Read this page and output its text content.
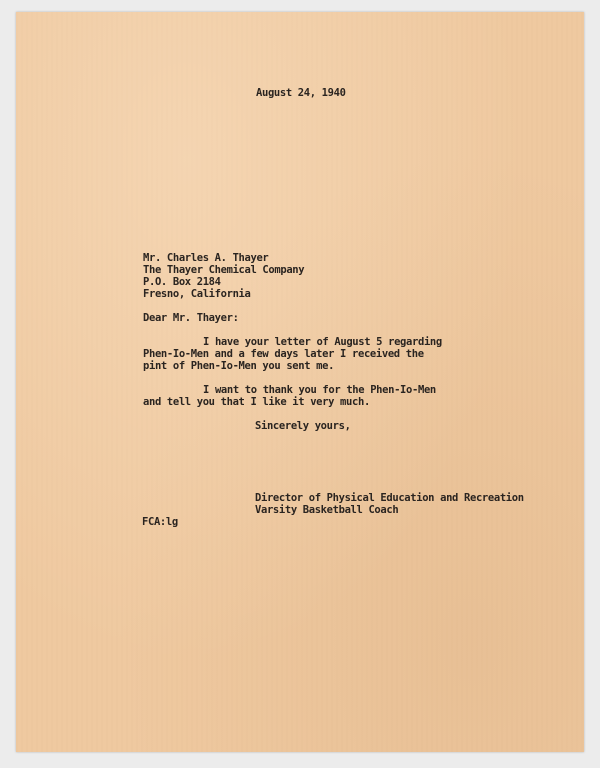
August 24, 1940

Mr. Charles A. Thayer

The Thayer Chemical Company

P.O. Box 2184

Fresno, California

Dear Mr. Thayer:

I have your letter of August 5 regarding

Phen-Io-Men and a few days later I received the

pint of Phen-Io-Men you sent me.

I want to thank you for the Phen-Io-Men

and tell you that I like it very much.

Sincerely yours,

Director of Physical Education and Recreation

Varsity Basketball Coach

FCA:lg
